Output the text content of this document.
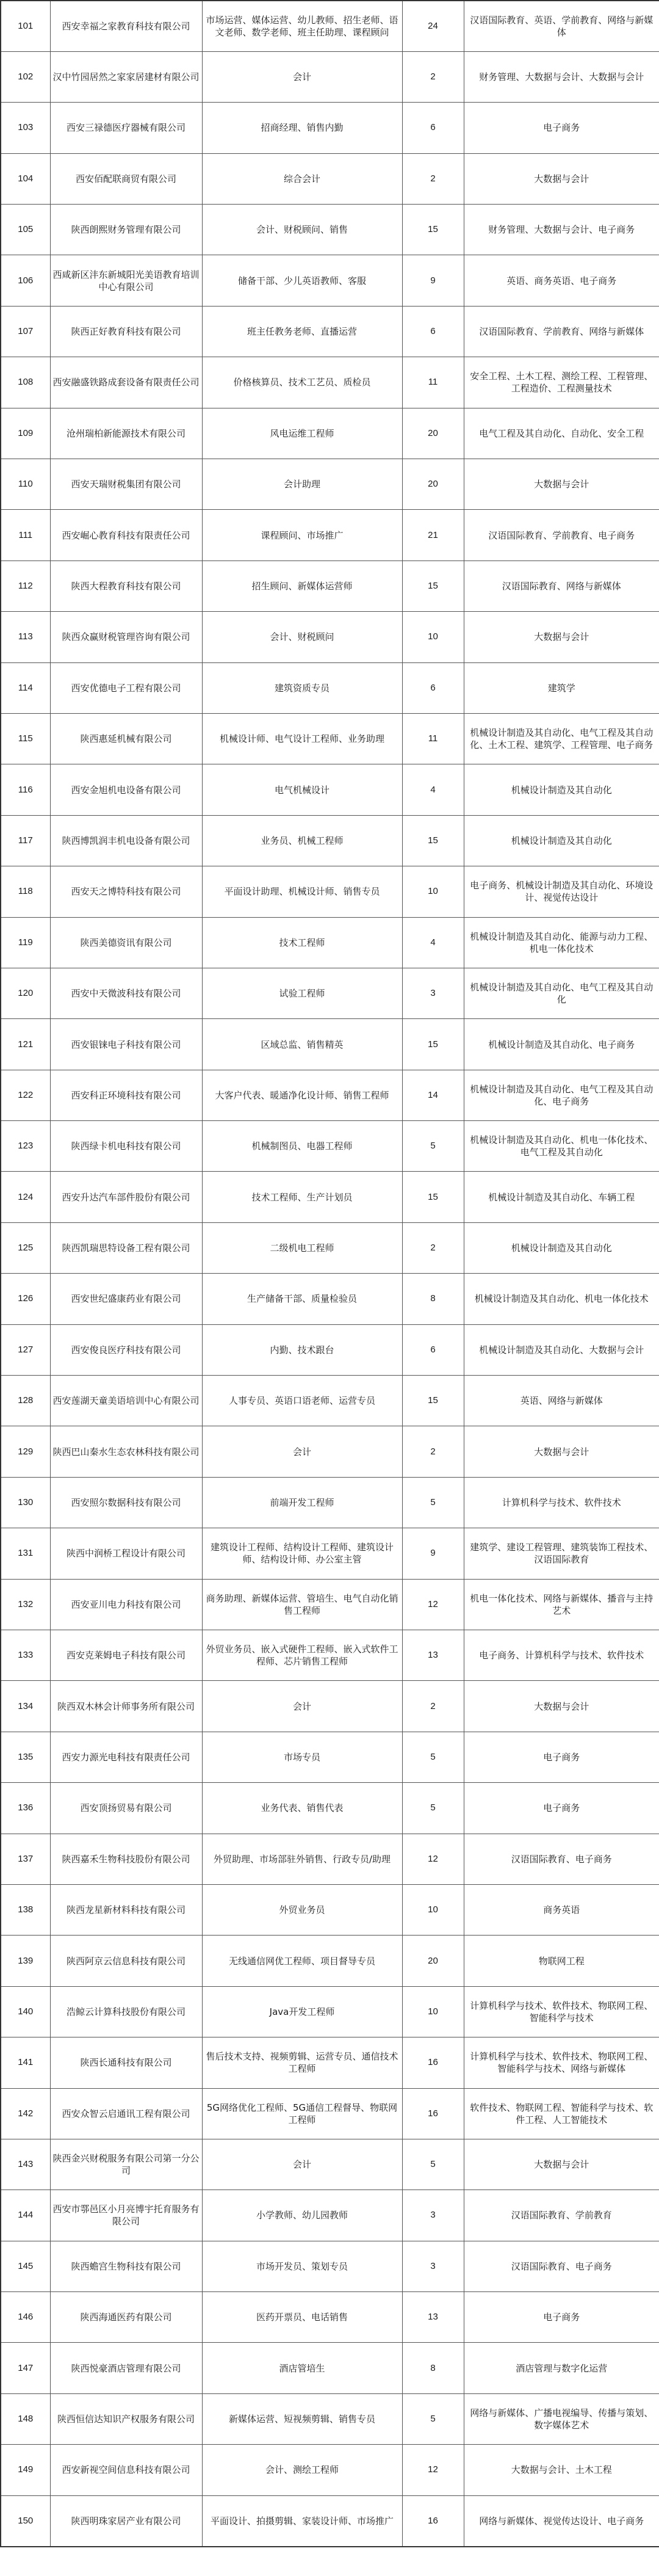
101	西安幸福之家教育科技有限公司	市场运营、媒体运营、幼儿教师、招生老师、语文老师、数学老师、班主任助理、课程顾问	24	汉语国际教育、英语、学前教育、网络与新媒体
102	汉中竹园居然之家家居建材有限公司	会计	2	财务管理、大数据与会计、大数据与会计
103	西安三禄德医疗器械有限公司	招商经理、销售内勤	6	电子商务
104	西安佰配联商贸有限公司	综合会计	2	大数据与会计
105	陕西朗熙财务管理有限公司	会计、财税顾问、销售	15	财务管理、大数据与会计、电子商务
106	西咸新区沣东新城阳光美语教育培训中心有限公司	储备干部、少儿英语教师、客服	9	英语、商务英语、电子商务
107	陕西正好教育科技有限公司	班主任教务老师、直播运营	6	汉语国际教育、学前教育、网络与新媒体
108	西安融盛铁路成套设备有限责任公司	价格核算员、技术工艺员、质检员	11	安全工程、土木工程、测绘工程、工程管理、工程造价、工程测量技术
109	沧州瑞柏新能源技术有限公司	风电运维工程师	20	电气工程及其自动化、自动化、安全工程
110	西安天瑞财税集团有限公司	会计助理	20	大数据与会计
111	西安崛心教育科技有限责任公司	课程顾问、市场推广	21	汉语国际教育、学前教育、电子商务
112	陕西大程教育科技有限公司	招生顾问、新媒体运营师	15	汉语国际教育、网络与新媒体
113	陕西众赢财税管理咨询有限公司	会计、财税顾问	10	大数据与会计
114	西安优德电子工程有限公司	建筑资质专员	6	建筑学
115	陕西惠延机械有限公司	机械设计师、电气设计工程师、业务助理	11	机械设计制造及其自动化、电气工程及其自动化、土木工程、建筑学、工程管理、电子商务
116	西安金旭机电设备有限公司	电气机械设计	4	机械设计制造及其自动化
117	陕西博凯润丰机电设备有限公司	业务员、机械工程师	15	机械设计制造及其自动化
118	西安天之博特科技有限公司	平面设计助理、机械设计师、销售专员	10	电子商务、机械设计制造及其自动化、环境设计、视觉传达设计
119	陕西美德资讯有限公司	技术工程师	4	机械设计制造及其自动化、能源与动力工程、机电一体化技术
120	西安中天微波科技有限公司	试验工程师	3	机械设计制造及其自动化、电气工程及其自动化
121	西安银铼电子科技有限公司	区域总监、销售精英	15	机械设计制造及其自动化、电子商务
122	西安科正环境科技有限公司	大客户代表、暖通净化设计师、销售工程师	14	机械设计制造及其自动化、电气工程及其自动化、电子商务
123	陕西绿卡机电科技有限公司	机械制图员、电器工程师	5	机械设计制造及其自动化、机电一体化技术、电气工程及其自动化
124	西安升达汽车部件股份有限公司	技术工程师、生产计划员	15	机械设计制造及其自动化、车辆工程
125	陕西凯瑞思特设备工程有限公司	二级机电工程师	2	机械设计制造及其自动化
126	西安世纪盛康药业有限公司	生产储备干部、质量检验员	8	机械设计制造及其自动化、机电一体化技术
127	西安俊良医疗科技有限公司	内勤、技术跟台	6	机械设计制造及其自动化、大数据与会计
128	西安莲湖天童美语培训中心有限公司	人事专员、英语口语老师、运营专员	15	英语、网络与新媒体
129	陕西巴山秦水生态农林科技有限公司	会计	2	大数据与会计
130	西安照尔数据科技有限公司	前端开发工程师	5	计算机科学与技术、软件技术
131	陕西中润桥工程设计有限公司	建筑设计工程师、结构设计工程师、建筑设计师、结构设计师、办公室主管	9	建筑学、建设工程管理、建筑装饰工程技术、汉语国际教育
132	西安亚川电力科技有限公司	商务助理、新媒体运营、管培生、电气自动化销售工程师	12	机电一体化技术、网络与新媒体、播音与主持艺术
133	西安克莱姆电子科技有限公司	外贸业务员、嵌入式硬件工程师、嵌入式软件工程师、芯片销售工程师	13	电子商务、计算机科学与技术、软件技术
134	陕西双木林会计师事务所有限公司	会计	2	大数据与会计
135	西安力源光电科技有限责任公司	市场专员	5	电子商务
136	西安顶扬贸易有限公司	业务代表、销售代表	5	电子商务
137	陕西嘉禾生物科技股份有限公司	外贸助理、市场部驻外销售、行政专员/助理	12	汉语国际教育、电子商务
138	陕西龙星新材料科技有限公司	外贸业务员	10	商务英语
139	陕西阿京云信息科技有限公司	无线通信网优工程师、项目督导专员	20	物联网工程
140	浩鲸云计算科技股份有限公司	Java开发工程师	10	计算机科学与技术、软件技术、物联网工程、智能科学与技术
141	陕西长通科技有限公司	售后技术支持、视频剪辑、运营专员、通信技术工程师	16	计算机科学与技术、软件技术、物联网工程、智能科学与技术、网络与新媒体
142	西安众智云启通讯工程有限公司	5G网络优化工程师、5G通信工程督导、物联网工程师	16	软件技术、物联网工程、智能科学与技术、软件工程、人工智能技术
143	陕西金兴财税服务有限公司第一分公司	会计	5	大数据与会计
144	西安市鄠邑区小月亮博宇托育服务有限公司	小学教师、幼儿园教师	3	汉语国际教育、学前教育
145	陕西蟾宫生物科技有限公司	市场开发员、策划专员	3	汉语国际教育、电子商务
146	陕西海通医药有限公司	医药开票员、电话销售	13	电子商务
147	陕西悦豪酒店管理有限公司	酒店管培生	8	酒店管理与数字化运营
148	陕西恒信达知识产权服务有限公司	新媒体运营、短视频剪辑、销售专员	5	网络与新媒体、广播电视编导、传播与策划、数字媒体艺术
149	西安新视空间信息科技有限公司	会计、测绘工程师	12	大数据与会计、土木工程
150	陕西明珠家居产业有限公司	平面设计、拍摄剪辑、家装设计师、市场推广	16	网络与新媒体、视觉传达设计、电子商务
